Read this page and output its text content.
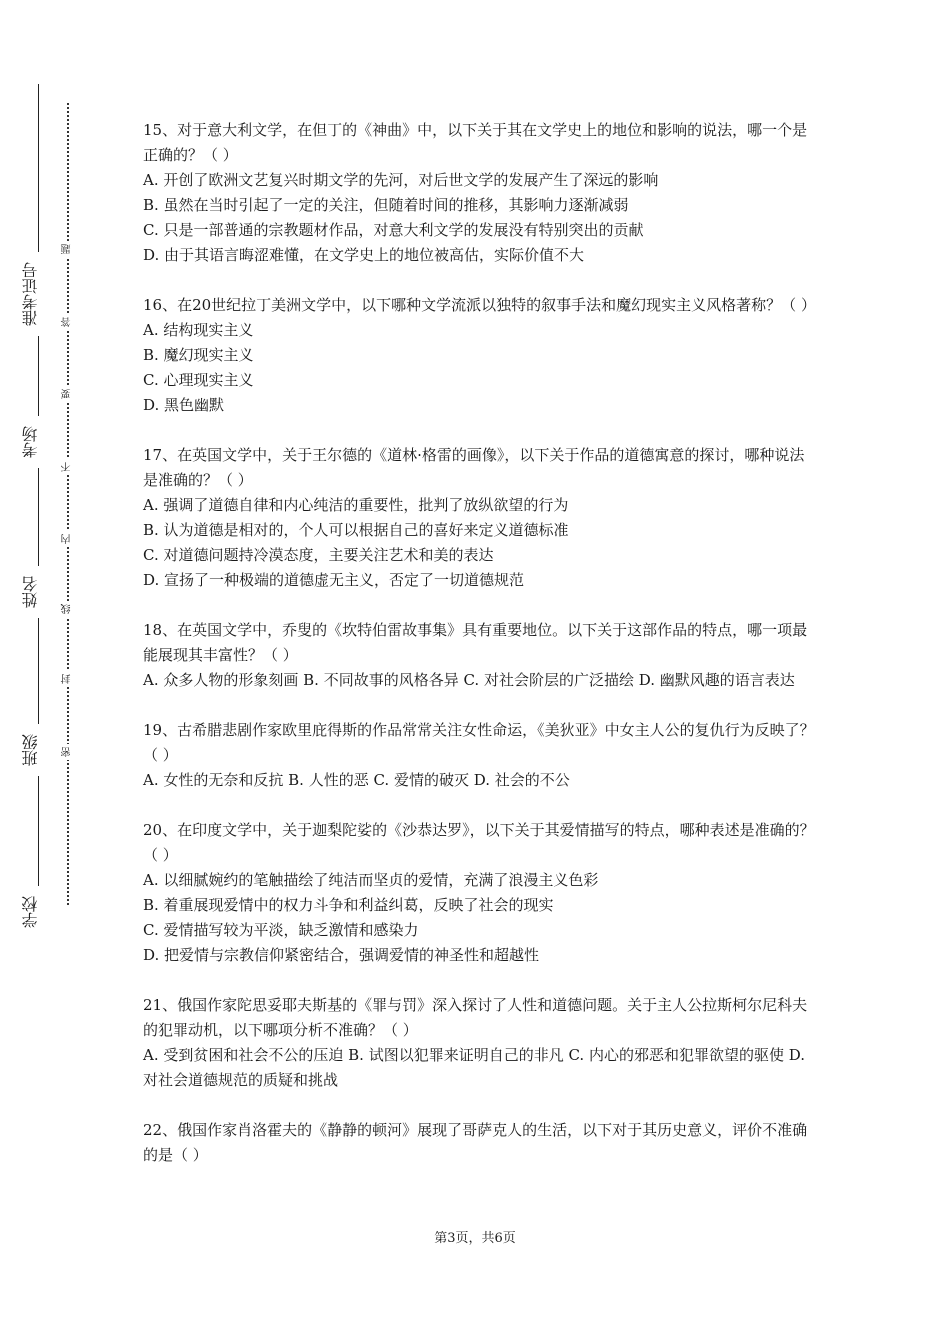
准考证号
考场
姓名
班级
学校
密
封
线
内
不
要
答
题

15、对于意大利文学，在但丁的《神曲》中，以下关于其在文学史上的地位和影响的说法，哪一个是正确的？（ ）

A. 开创了欧洲文艺复兴时期文学的先河，对后世文学的发展产生了深远的影响

B. 虽然在当时引起了一定的关注，但随着时间的推移，其影响力逐渐减弱

C. 只是一部普通的宗教题材作品，对意大利文学的发展没有特别突出的贡献

D. 由于其语言晦涩难懂，在文学史上的地位被高估，实际价值不大

16、在20世纪拉丁美洲文学中，以下哪种文学流派以独特的叙事手法和魔幻现实主义风格著称？（ ）

A. 结构现实主义

B. 魔幻现实主义

C. 心理现实主义

D. 黑色幽默

17、在英国文学中，关于王尔德的《道林·格雷的画像》，以下关于作品的道德寓意的探讨，哪种说法是准确的？（ ）

A. 强调了道德自律和内心纯洁的重要性，批判了放纵欲望的行为

B. 认为道德是相对的，个人可以根据自己的喜好来定义道德标准

C. 对道德问题持冷漠态度，主要关注艺术和美的表达

D. 宣扬了一种极端的道德虚无主义，否定了一切道德规范

18、在英国文学中，乔叟的《坎特伯雷故事集》具有重要地位。以下关于这部作品的特点，哪一项最能展现其丰富性？（ ）

A. 众多人物的形象刻画 B. 不同故事的风格各异 C. 对社会阶层的广泛描绘 D. 幽默风趣的语言表达

19、古希腊悲剧作家欧里庇得斯的作品常常关注女性命运，《美狄亚》中女主人公的复仇行为反映了？（ ）

A. 女性的无奈和反抗 B. 人性的恶 C. 爱情的破灭 D. 社会的不公

20、在印度文学中，关于迦梨陀娑的《沙恭达罗》，以下关于其爱情描写的特点，哪种表述是准确的？（ ）

A. 以细腻婉约的笔触描绘了纯洁而坚贞的爱情，充满了浪漫主义色彩

B. 着重展现爱情中的权力斗争和利益纠葛，反映了社会的现实

C. 爱情描写较为平淡，缺乏激情和感染力

D. 把爱情与宗教信仰紧密结合，强调爱情的神圣性和超越性

21、俄国作家陀思妥耶夫斯基的《罪与罚》深入探讨了人性和道德问题。关于主人公拉斯柯尔尼科夫的犯罪动机，以下哪项分析不准确？（ ）

A. 受到贫困和社会不公的压迫 B. 试图以犯罪来证明自己的非凡 C. 内心的邪恶和犯罪欲望的驱使 D. 对社会道德规范的质疑和挑战

22、俄国作家肖洛霍夫的《静静的顿河》展现了哥萨克人的生活，以下对于其历史意义，评价不准确的是（ ）

第3页，共6页
